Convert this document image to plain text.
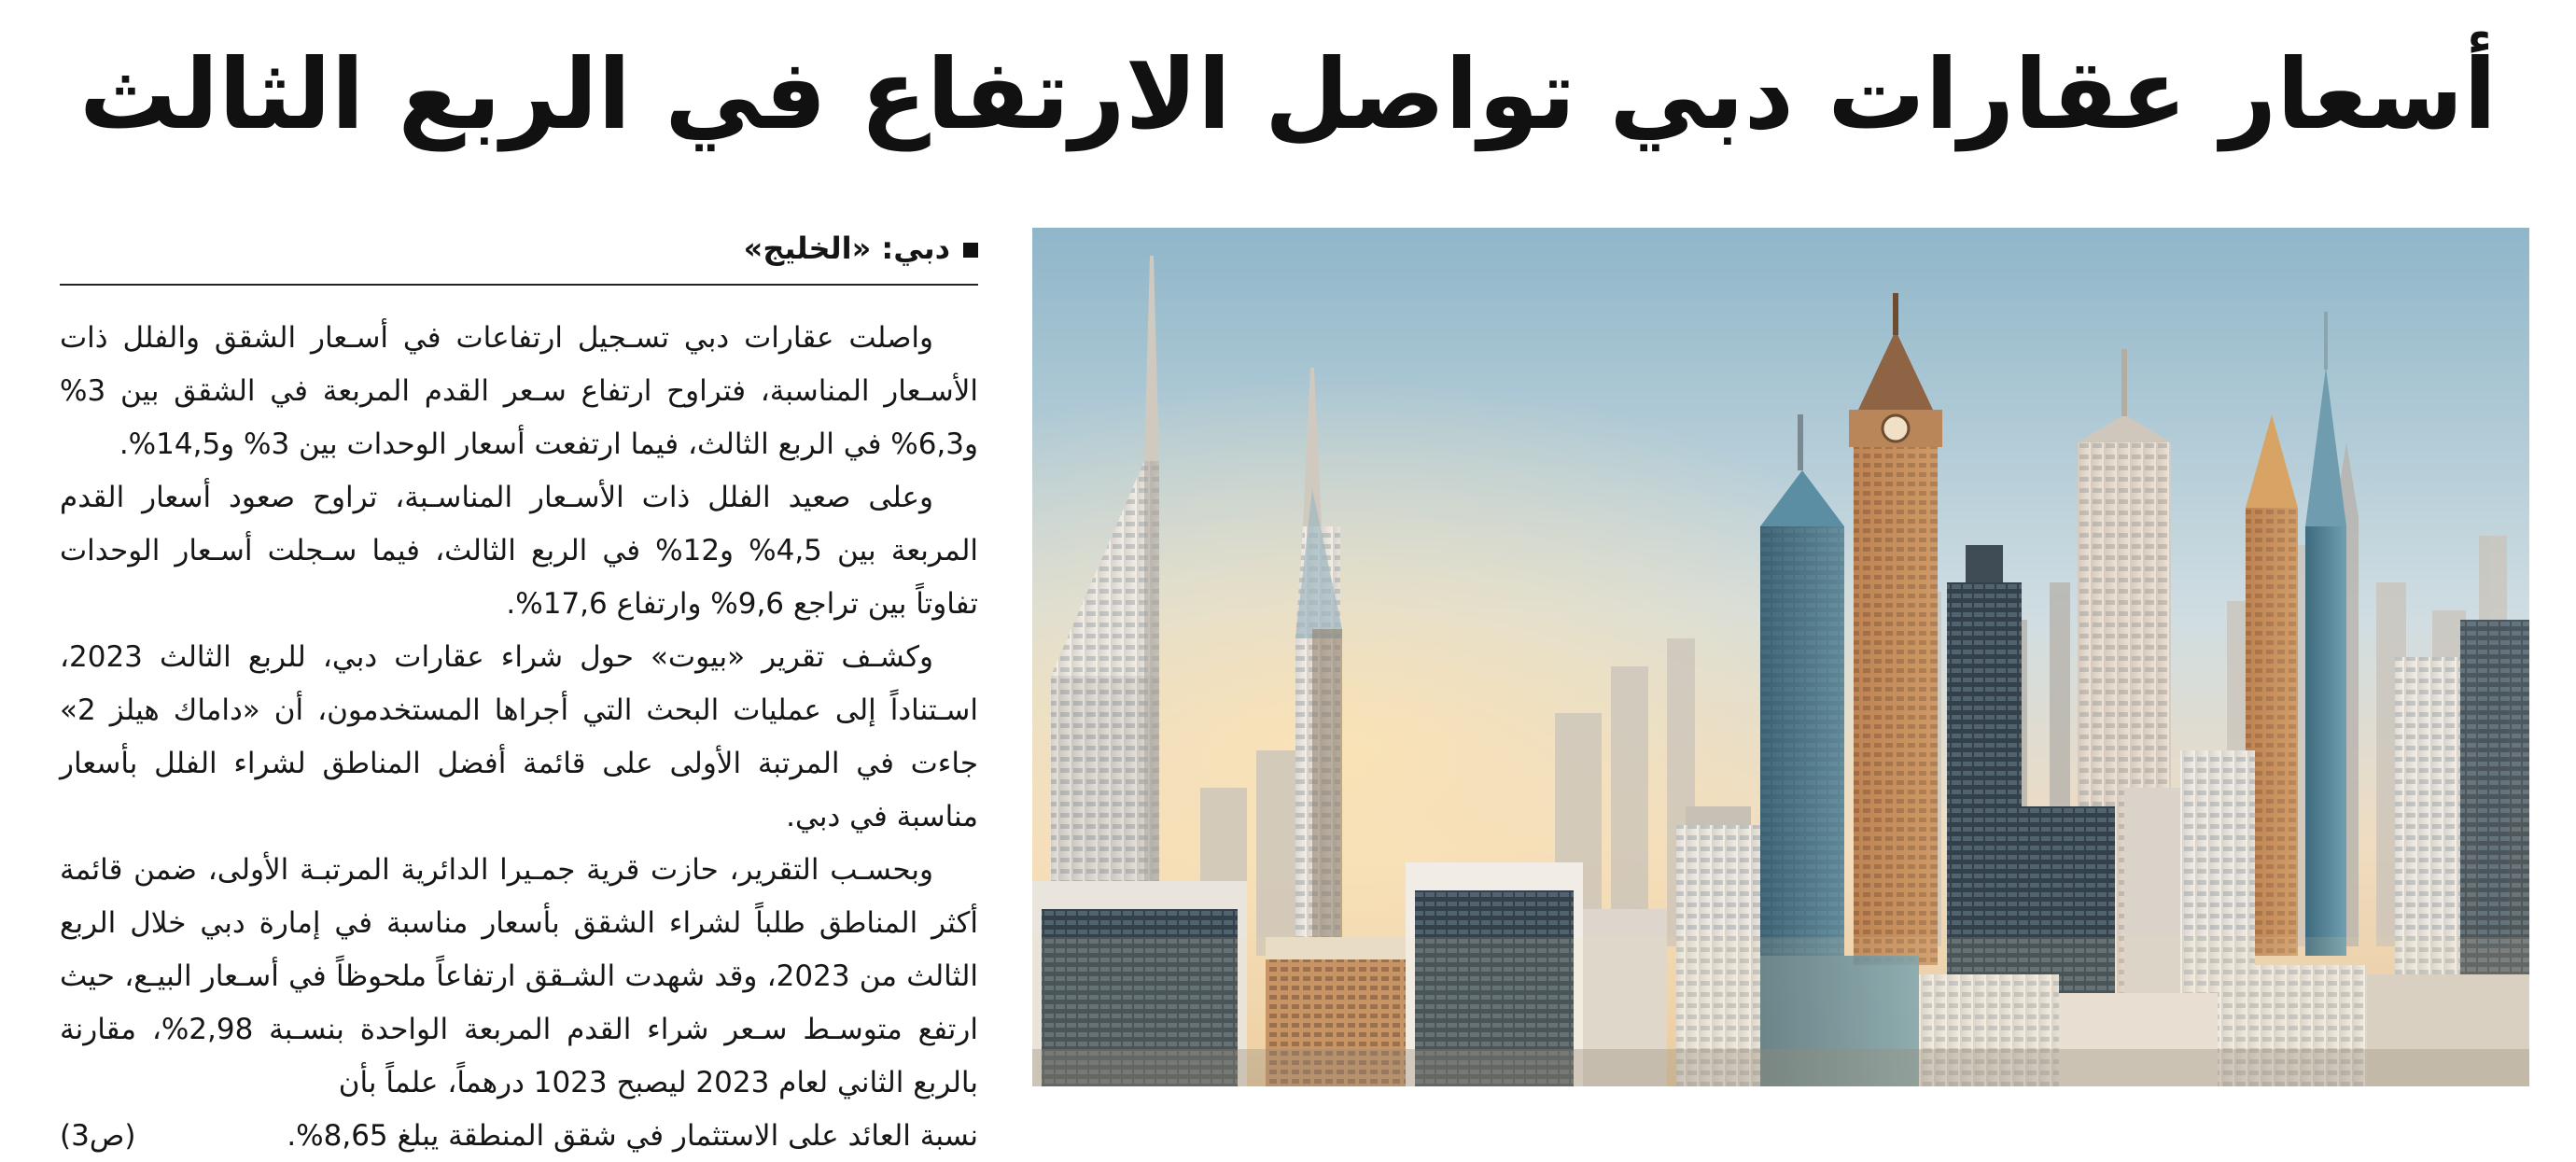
أسعار عقارات دبي تواصل الارتفاع في الربع الثالث
دبي: «الخليج»

واصلت عقارات دبي تسـجيل ارتفاعات في أسـعار الشقق والفلل ذات الأسـعار المناسبة، فتراوح ارتفاع سـعر القدم المربعة في الشقق بين 3% و6,3% في الربع الثالث، فيما ارتفعت أسعار الوحدات بين 3% و14,5%.

وعلى صعيد الفلل ذات الأسـعار المناسـبة، تراوح صعود أسعار القدم المربعة بين 4,5% و12% في الربع الثالث، فيما سـجلت أسـعار الوحدات تفاوتاً بين تراجع 9,6% وارتفاع 17,6%.

وكشـف تقرير «بيوت» حول شراء عقارات دبي، للربع الثالث 2023، اسـتناداً إلى عمليات البحث التي أجراها المستخدمون، أن «داماك هيلز 2» جاءت في المرتبة الأولى على قائمة أفضل المناطق لشراء الفلل بأسعار مناسبة في دبي.

وبحسـب التقرير، حازت قرية جمـيرا الدائرية المرتبـة الأولى، ضمن قائمة أكثر المناطق طلباً لشراء الشقق بأسعار مناسبة في إمارة دبي خلال الربع الثالث من 2023، وقد شهدت الشـقق ارتفاعاً ملحوظاً في أسـعار البيـع، حيث ارتفع متوسـط سـعر شراء القدم المربعة الواحدة بنسـبة 2,98%، مقارنة بالربع الثاني لعام 2023 ليصبح 1023 درهماً، علماً بأن

نسبة العائد على الاستثمار في شقق المنطقة يبلغ 8,65%.
(ص3)
